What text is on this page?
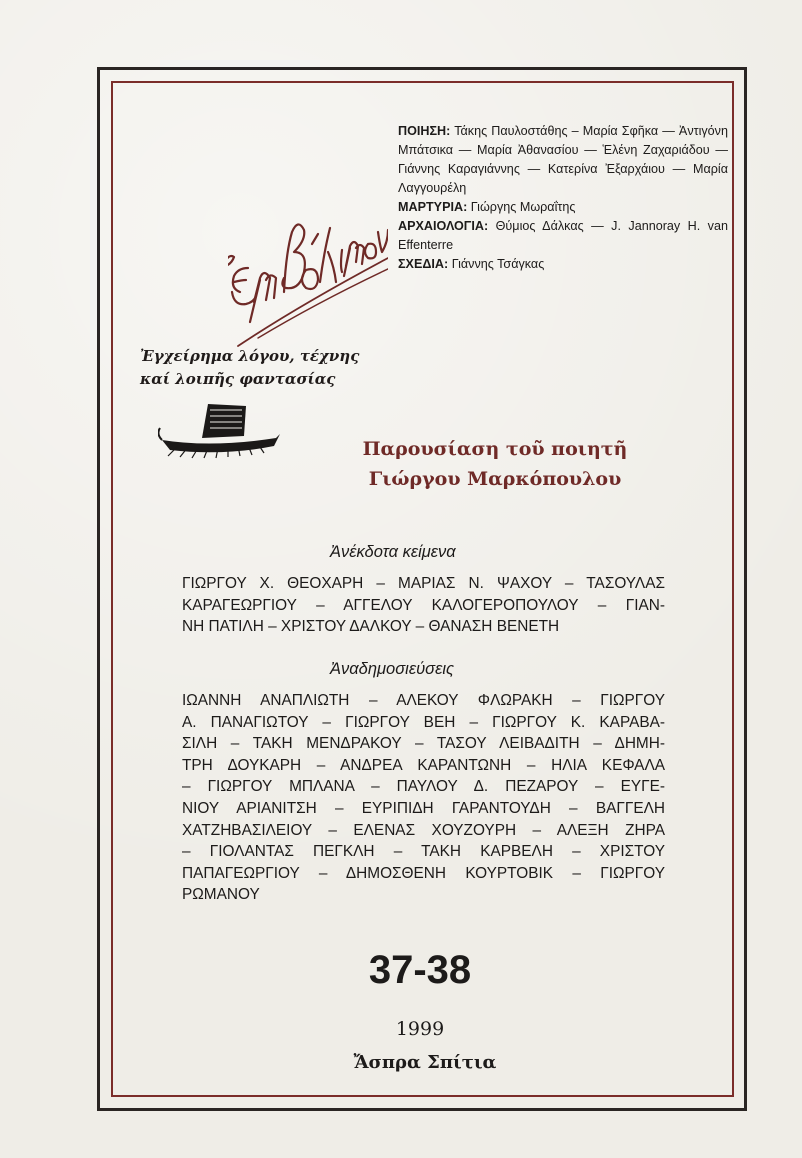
ΠΟΙΗΣΗ: Τάκης Παυλοστάθης – Μαρία Σφῆκα — Ἀντιγόνη Μπάτσικα — Μαρία Ἀθανασίου — Ἑλένη Ζαχαριάδου — Γιάννης Καραγιάννης — Κατερίνα Ἐξαρχάιου — Μαρία Λαγγουρέλη
ΜΑΡΤΥΡΙΑ: Γιώργης Μωραΐτης
ΑΡΧΑΙΟΛΟΓΙΑ: Θύμιος Δάλκας — J. Jannoray H. van Effenterre
ΣΧΕΔΙΑ: Γιάννης Τσάγκας
Ἐγχείρημα λόγου, τέχνης
καί λοιπῆς φαντασίας
Παρουσίαση τοῦ ποιητῆ
Γιώργου Μαρκόπουλου
Ἀνέκδοτα κείμενα
ΓΙΩΡΓΟΥ Χ. ΘΕΟΧΑΡΗ – ΜΑΡΙΑΣ Ν. ΨΑΧΟΥ – ΤΑΣΟΥΛΑΣ
ΚΑΡΑΓΕΩΡΓΙΟΥ – ΑΓΓΕΛΟΥ ΚΑΛΟΓΕΡΟΠΟΥΛΟΥ – ΓΙΑΝ-
ΝΗ ΠΑΤΙΛΗ – ΧΡΙΣΤΟΥ ΔΑΛΚΟΥ – ΘΑΝΑΣΗ ΒΕΝΕΤΗ
Ἀναδημοσιεύσεις
ΙΩΑΝΝΗ ΑΝΑΠΛΙΩΤΗ – ΑΛΕΚΟΥ ΦΛΩΡΑΚΗ – ΓΙΩΡΓΟΥ
Α. ΠΑΝΑΓΙΩΤΟΥ – ΓΙΩΡΓΟΥ ΒΕΗ – ΓΙΩΡΓΟΥ Κ. ΚΑΡΑΒΑ-
ΣΙΛΗ – ΤΑΚΗ ΜΕΝΔΡΑΚΟΥ – ΤΑΣΟΥ ΛΕΙΒΑΔΙΤΗ – ΔΗΜΗ-
ΤΡΗ ΔΟΥΚΑΡΗ – ΑΝΔΡΕΑ ΚΑΡΑΝΤΩΝΗ – ΗΛΙΑ ΚΕΦΑΛΑ
– ΓΙΩΡΓΟΥ ΜΠΛΑΝΑ – ΠΑΥΛΟΥ Δ. ΠΕΖΑΡΟΥ – ΕΥΓΕ-
ΝΙΟΥ ΑΡΙΑΝΙΤΣΗ – ΕΥΡΙΠΙΔΗ ΓΑΡΑΝΤΟΥΔΗ – ΒΑΓΓΕΛΗ
ΧΑΤΖΗΒΑΣΙΛΕΙΟΥ – ΕΛΕΝΑΣ ΧΟΥΖΟΥΡΗ – ΑΛΕΞΗ ΖΗΡΑ
– ΓΙΟΛΑΝΤΑΣ ΠΕΓΚΛΗ – ΤΑΚΗ ΚΑΡΒΕΛΗ – ΧΡΙΣΤΟΥ
ΠΑΠΑΓΕΩΡΓΙΟΥ – ΔΗΜΟΣΘΕΝΗ ΚΟΥΡΤΟΒΙΚ – ΓΙΩΡΓΟΥ
ΡΩΜΑΝΟΥ
37-38
1999
Ἄσπρα Σπίτια
